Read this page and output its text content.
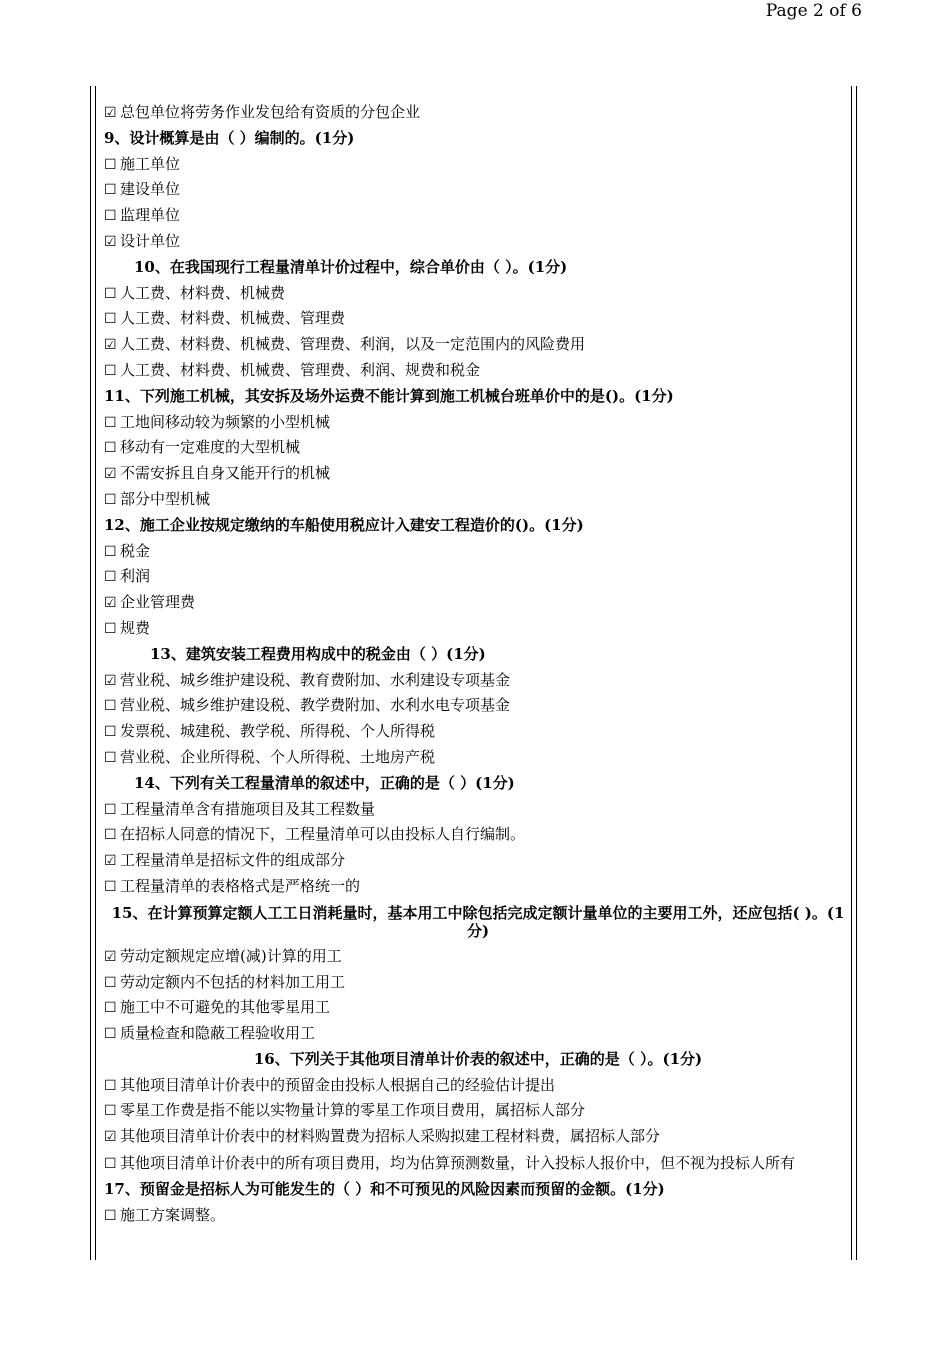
Page 2 of 6
☑ 总包单位将劳务作业发包给有资质的分包企业
9、设计概算是由（ ）编制的。(1分)
☐ 施工单位
☐ 建设单位
☐ 监理单位
☑ 设计单位
10、在我国现行工程量清单计价过程中，综合单价由（ ）。(1分)
☐ 人工费、材料费、机械费
☐ 人工费、材料费、机械费、管理费
☑ 人工费、材料费、机械费、管理费、利润，以及一定范围内的风险费用
☐ 人工费、材料费、机械费、管理费、利润、规费和税金
11、下列施工机械，其安拆及场外运费不能计算到施工机械台班单价中的是()。(1分)
☐ 工地间移动较为频繁的小型机械
☐ 移动有一定难度的大型机械
☑ 不需安拆且自身又能开行的机械
☐ 部分中型机械
12、施工企业按规定缴纳的车船使用税应计入建安工程造价的()。(1分)
☐ 税金
☐ 利润
☑ 企业管理费
☐ 规费
13、建筑安装工程费用构成中的税金由（ ）(1分)
☑ 营业税、城乡维护建设税、教育费附加、水利建设专项基金
☐ 营业税、城乡维护建设税、教学费附加、水利水电专项基金
☐ 发票税、城建税、教学税、所得税、个人所得税
☐ 营业税、企业所得税、个人所得税、土地房产税
14、下列有关工程量清单的叙述中，正确的是（ ）(1分)
☐ 工程量清单含有措施项目及其工程数量
☐ 在招标人同意的情况下，工程量清单可以由投标人自行编制。
☑ 工程量清单是招标文件的组成部分
☐ 工程量清单的表格格式是严格统一的
15、在计算预算定额人工工日消耗量时，基本用工中除包括完成定额计量单位的主要用工外，还应包括( )。(1分)
☑ 劳动定额规定应增(减)计算的用工
☐ 劳动定额内不包括的材料加工用工
☐ 施工中不可避免的其他零星用工
☐ 质量检查和隐蔽工程验收用工
16、下列关于其他项目清单计价表的叙述中，正确的是（ ）。(1分)
☐ 其他项目清单计价表中的预留金由投标人根据自己的经验估计提出
☐ 零星工作费是指不能以实物量计算的零星工作项目费用，属招标人部分
☑ 其他项目清单计价表中的材料购置费为招标人采购拟建工程材料费，属招标人部分
☐ 其他项目清单计价表中的所有项目费用，均为估算预测数量，计入投标人报价中，但不视为投标人所有
17、预留金是招标人为可能发生的（ ）和不可预见的风险因素而预留的金额。(1分)
☐ 施工方案调整。
